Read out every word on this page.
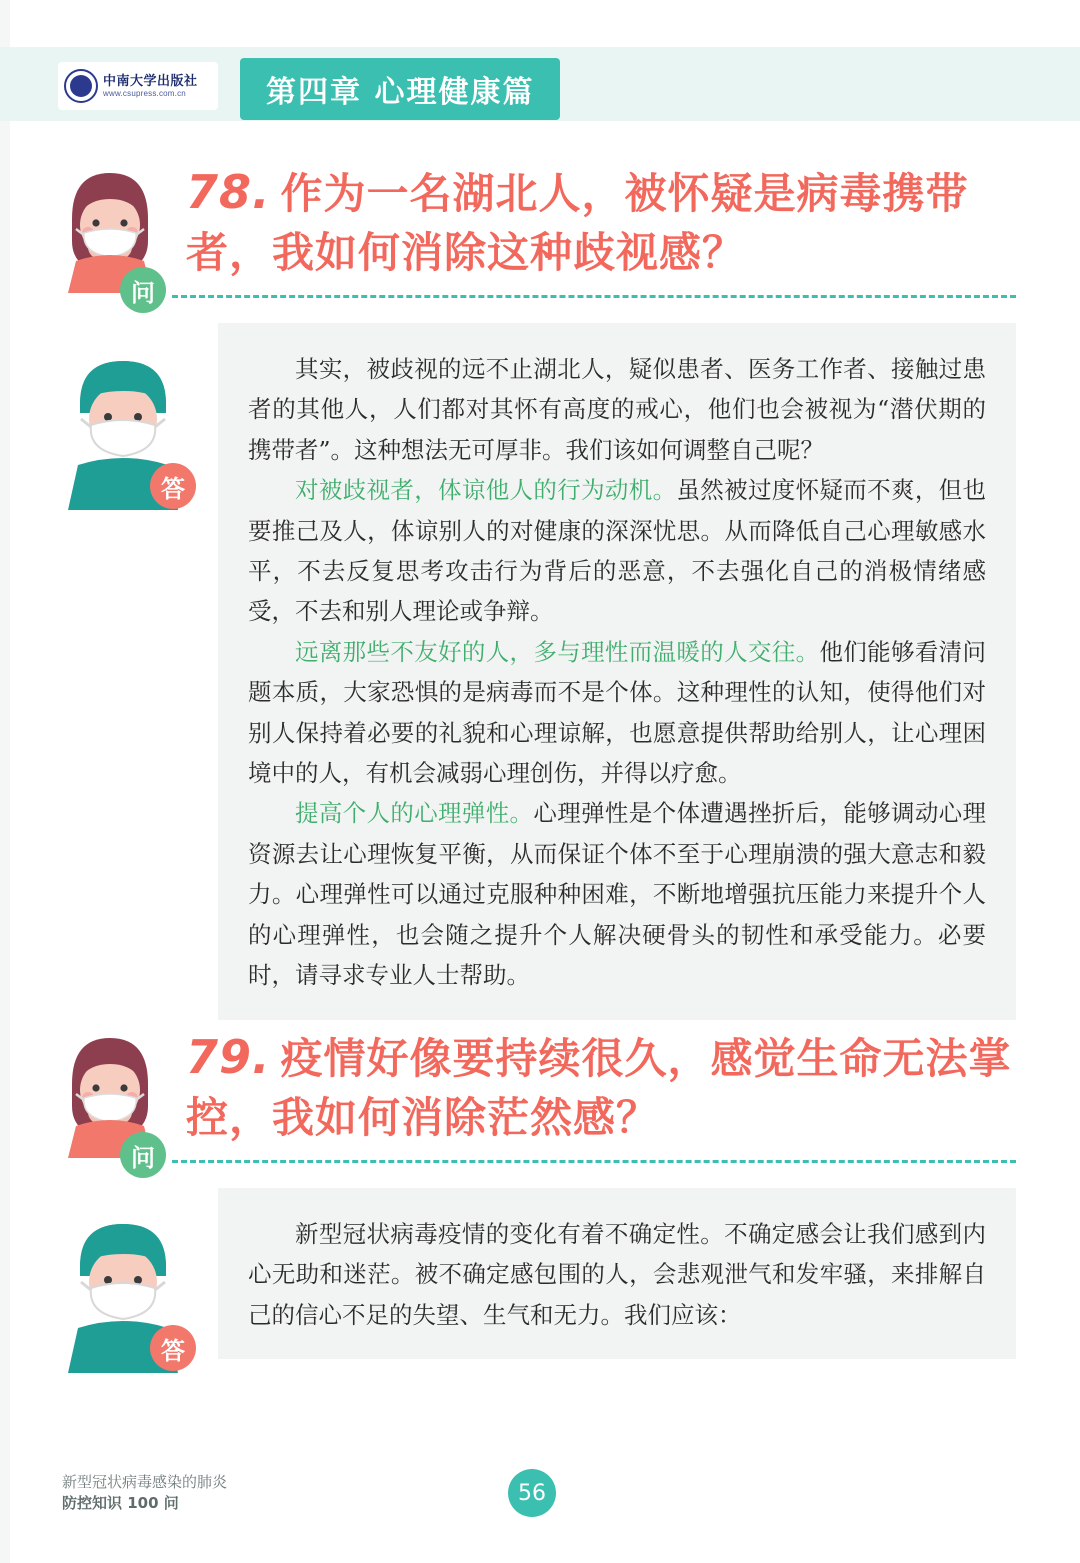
中南大学出版社
www.csupress.com.cn	第四章 心理健康篇
问
78. 作为一名湖北人，被怀疑是病毒携带者，我如何消除这种歧视感？
答

其实，被歧视的远不止湖北人，疑似患者、医务工作者、接触过患者的其他人，人们都对其怀有高度的戒心，他们也会被视为“潜伏期的携带者”。这种想法无可厚非。我们该如何调整自己呢？

对被歧视者，体谅他人的行为动机。虽然被过度怀疑而不爽，但也要推己及人，体谅别人的对健康的深深忧思。从而降低自己心理敏感水平，不去反复思考攻击行为背后的恶意，不去强化自己的消极情绪感受，不去和别人理论或争辩。

远离那些不友好的人，多与理性而温暖的人交往。他们能够看清问题本质，大家恐惧的是病毒而不是个体。这种理性的认知，使得他们对别人保持着必要的礼貌和心理谅解，也愿意提供帮助给别人，让心理困境中的人，有机会减弱心理创伤，并得以疗愈。

提高个人的心理弹性。心理弹性是个体遭遇挫折后，能够调动心理资源去让心理恢复平衡，从而保证个体不至于心理崩溃的强大意志和毅力。心理弹性可以通过克服种种困难，不断地增强抗压能力来提升个人的心理弹性，也会随之提升个人解决硬骨头的韧性和承受能力。必要时，请寻求专业人士帮助。

问
79. 疫情好像要持续很久，感觉生命无法掌控，我如何消除茫然感？
答

新型冠状病毒疫情的变化有着不确定性。不确定感会让我们感到内心无助和迷茫。被不确定感包围的人，会悲观泄气和发牢骚，来排解自己的信心不足的失望、生气和无力。我们应该：

新型冠状病毒感染的肺炎
防控知识 100 问	56
